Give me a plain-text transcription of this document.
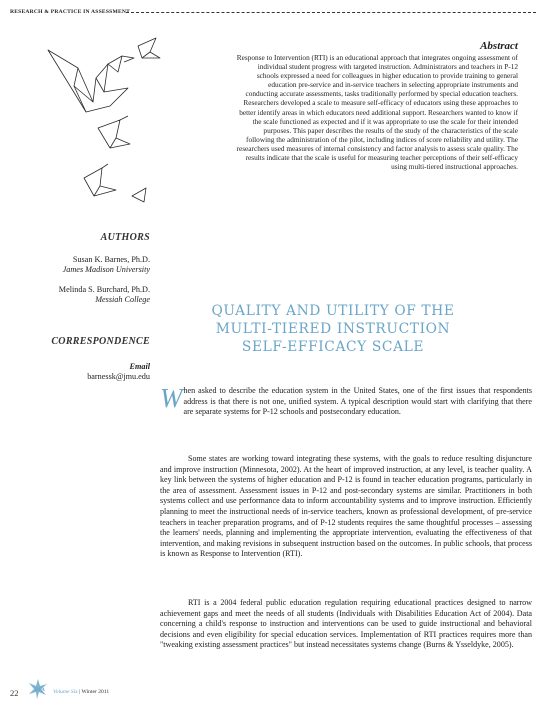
RESEARCH & PRACTICE IN ASSESSMENT
Abstract
Response to Intervention (RTI) is an educational approach that integrates ongoing assessment of individual student progress with targeted instruction. Administrators and teachers in P-12 schools expressed a need for colleagues in higher education to provide training to general education pre-service and in-service teachers in selecting appropriate instruments and conducting accurate assessments, tasks traditionally performed by special education teachers. Researchers developed a scale to measure self-efficacy of educators using these approaches to better identify areas in which educators need additional support. Researchers wanted to know if the scale functioned as expected and if it was appropriate to use the scale for their intended purposes. This paper describes the results of the study of the characteristics of the scale following the administration of the pilot, including indices of score reliability and utility. The researchers used measures of internal consistency and factor analysis to assess scale quality. The results indicate that the scale is useful for measuring teacher perceptions of their self-efficacy using multi-tiered instructional approaches.
AUTHORS
Susan K. Barnes, Ph.D.
James Madison University
Melinda S. Burchard, Ph.D.
Messiah College
CORRESPONDENCE
Email
barnessk@jmu.edu
QUALITY AND UTILITY OF THE
MULTI-TIERED INSTRUCTION
SELF-EFFICACY SCALE
When asked to describe the education system in the United States, one of the first issues that respondents address is that there is not one, unified system. A typical description would start with clarifying that there are separate systems for P-12 schools and postsecondary education.
Some states are working toward integrating these systems, with the goals to reduce resulting disjuncture and improve instruction (Minnesota, 2002). At the heart of improved instruction, at any level, is teacher quality. A key link between the systems of higher education and P-12 is found in teacher education programs, particularly in the area of assessment. Assessment issues in P-12 and post-secondary systems are similar. Practitioners in both systems collect and use performance data to inform accountability systems and to improve instruction. Efficiently planning to meet the instructional needs of in-service teachers, known as professional development, of pre-service teachers in teacher preparation programs, and of P-12 students requires the same thoughtful processes – assessing the learners' needs, planning and implementing the appropriate intervention, evaluating the effectiveness of that intervention, and making revisions in subsequent instruction based on the outcomes. In public schools, that process is known as Response to Intervention (RTI).
RTI is a 2004 federal public education regulation requiring educational practices designed to narrow achievement gaps and meet the needs of all students (Individuals with Disabilities Education Act of 2004). Data concerning a child's response to instruction and interventions can be used to guide instructional and behavioral decisions and even eligibility for special education services. Implementation of RTI practices requires more than "tweaking existing assessment practices" but instead necessitates systems change (Burns & Ysseldyke, 2005).
22	RPA Volume Six | Winter 2011
